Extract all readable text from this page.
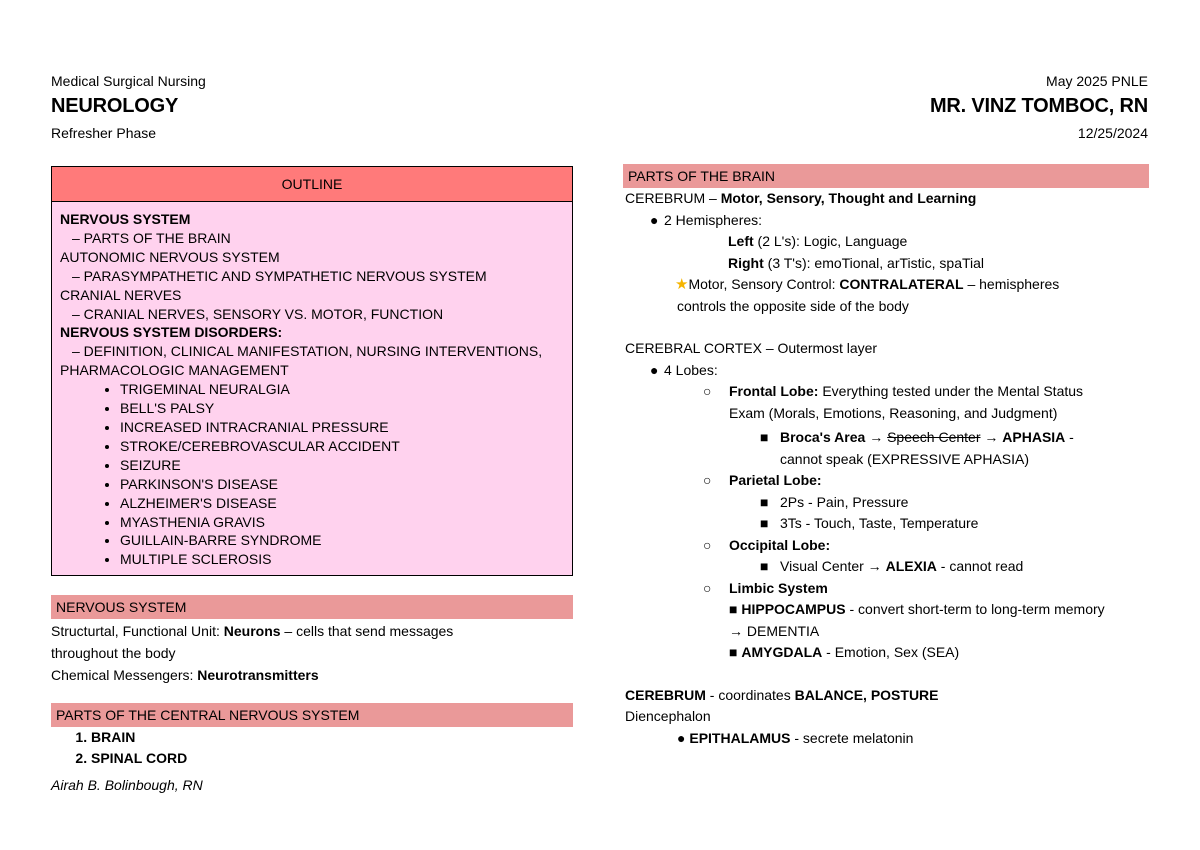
Medical Surgical Nursing
NEUROLOGY
Refresher Phase
May 2025 PNLE
MR. VINZ TOMBOC, RN
12/25/2024
OUTLINE
NERVOUS SYSTEM
– PARTS OF THE BRAIN
AUTONOMIC NERVOUS SYSTEM
– PARASYMPATHETIC AND SYMPATHETIC NERVOUS SYSTEM
CRANIAL NERVES
– CRANIAL NERVES, SENSORY VS. MOTOR, FUNCTION
NERVOUS SYSTEM DISORDERS:
– DEFINITION, CLINICAL MANIFESTATION, NURSING INTERVENTIONS,
PHARMACOLOGIC MANAGEMENT
• TRIGEMINAL NEURALGIA
• BELL'S PALSY
• INCREASED INTRACRANIAL PRESSURE
• STROKE/CEREBROVASCULAR ACCIDENT
• SEIZURE
• PARKINSON'S DISEASE
• ALZHEIMER'S DISEASE
• MYASTHENIA GRAVIS
• GUILLAIN-BARRE SYNDROME
• MULTIPLE SCLEROSIS
NERVOUS SYSTEM
Structurtal, Functional Unit: Neurons – cells that send messages
throughout the body
Chemical Messengers: Neurotransmitters
PARTS OF THE CENTRAL NERVOUS SYSTEM
1. BRAIN
2. SPINAL CORD
Airah B. Bolinbough, RN
PARTS OF THE BRAIN
CEREBRUM – Motor, Sensory, Thought and Learning
● 2 Hemispheres:
Left (2 L's): Logic, Language
Right (3 T's): emoTional, arTistic, spaTial
★Motor, Sensory Control: CONTRALATERAL – hemispheres
controls the opposite side of the body
CEREBRAL CORTEX – Outermost layer
● 4 Lobes:
○ Frontal Lobe: Everything tested under the Mental Status
Exam (Morals, Emotions, Reasoning, and Judgment)
■ Broca's Area → Speech Center → APHASIA -
cannot speak (EXPRESSIVE APHASIA)
○ Parietal Lobe:
■ 2Ps - Pain, Pressure
■ 3Ts - Touch, Taste, Temperature
○ Occipital Lobe:
■ Visual Center → ALEXIA - cannot read
○ Limbic System
■ HIPPOCAMPUS - convert short-term to long-term memory
→ DEMENTIA
■ AMYGDALA - Emotion, Sex (SEA)
CEREBRUM - coordinates BALANCE, POSTURE
Diencephalon
● EPITHALAMUS - secrete melatonin
